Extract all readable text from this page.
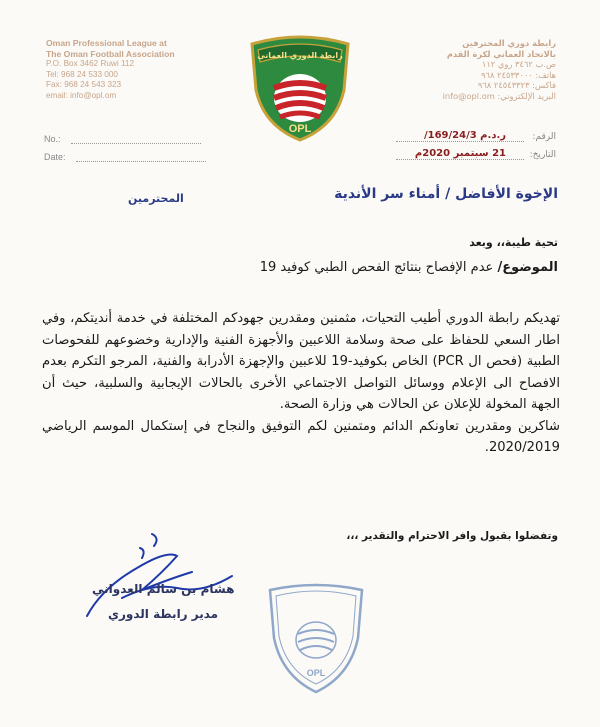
Oman Professional League at
The Oman Football Association
P.O. Box 3462 Ruwi 112
Tel: 968 24 533 000
Fax: 968 24 543 323
email: info@opl.om
رابطة دوري المحترفين
بالاتحاد العماني لكرة القدم
ص.ب ٣٤٦٢ روي ١١٢
هاتف: ٢٤٥٣٣٠٠٠ ٩٦٨
فاكس: ٢٤٥٤٣٣٢٣ ٩٦٨
البريد الإلكتروني: info@opl.om
رابطة الدوري العماني
OPL
No.:
Date:
الرقم:
ر.د.م 169/24/3/
التاريخ:
21 سبتمبر 2020م
الإخوة الأفاضل / أمناء سر الأندية
المحترمين
تحية طيبة،، وبعد
الموضوع/ عدم الإفصاح بنتائج الفحص الطبي كوفيد 19

تهديكم رابطة الدوري أطيب التحيات، مثمنين ومقدرين جهودكم المختلفة في خدمة أنديتكم، وفي اطار السعي للحفاظ على صحة وسلامة اللاعبين والأجهزة الفنية والإدارية وخضوعهم للفحوصات الطبية (فحص ال PCR) الخاص بكوفيد-19 للاعبين والإجهزة الأدرابة والفنية، المرجو التكرم بعدم الافصاح الى الإعلام ووسائل التواصل الاجتماعي الأخرى بالحالات الإيجابية والسلبية، حيث أن الجهة المخولة للإعلان عن الحالات هي وزارة الصحة.

شاكرين ومقدرين تعاونكم الدائم ومتمنين لكم التوفيق والنجاح في إستكمال الموسم الرياضي 2020/2019.

وتفضلوا بقبول وافر الاحترام والتقدير ،،،
هشام بن سالم العدواني
مدير رابطة الدوري
OPL
